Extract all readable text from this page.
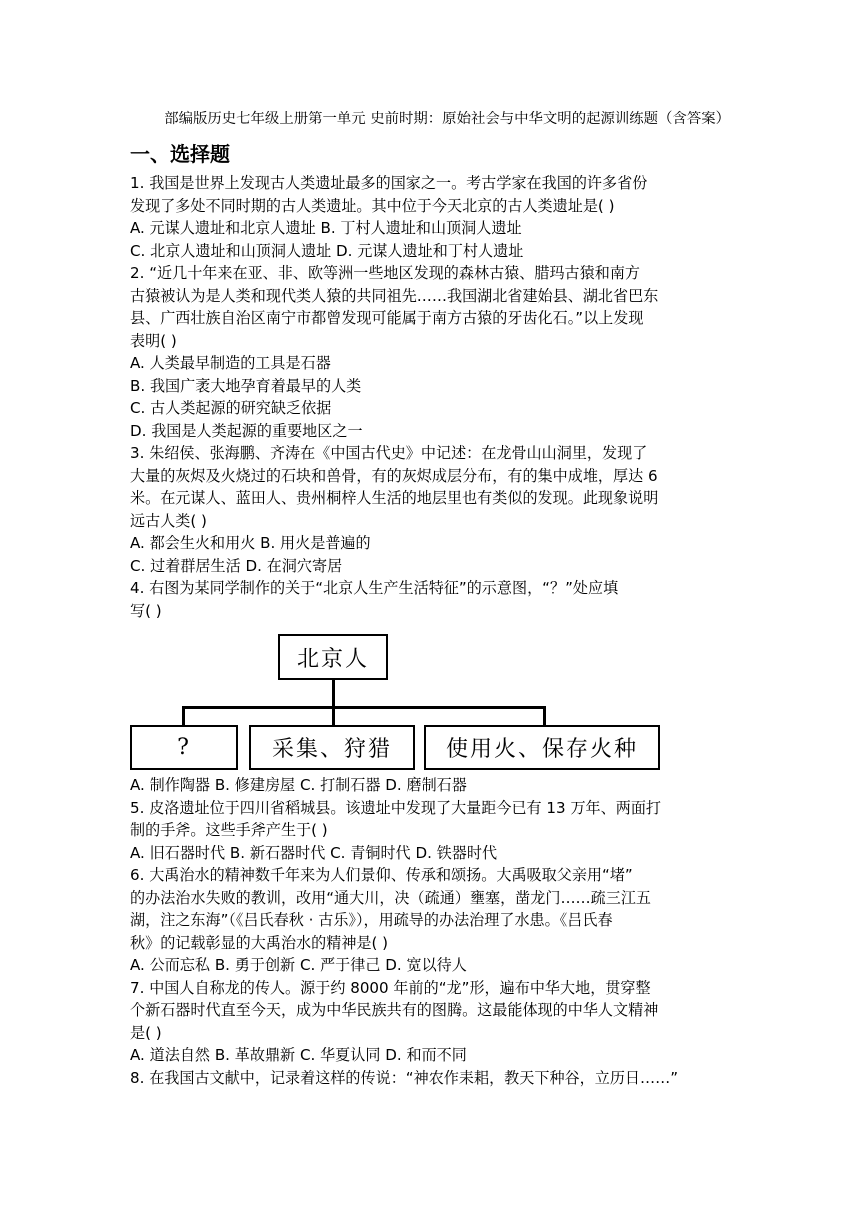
部编版历史七年级上册第一单元 史前时期：原始社会与中华文明的起源训练题（含答案）
一、选择题

1. 我国是世界上发现古人类遗址最多的国家之一。考古学家在我国的许多省份

发现了多处不同时期的古人类遗址。其中位于今天北京的古人类遗址是( )

A. 元谋人遗址和北京人遗址 B. 丁村人遗址和山顶洞人遗址

C. 北京人遗址和山顶洞人遗址 D. 元谋人遗址和丁村人遗址

2. “近几十年来在亚、非、欧等洲一些地区发现的森林古猿、腊玛古猿和南方

古猿被认为是人类和现代类人猿的共同祖先……我国湖北省建始县、湖北省巴东

县、广西壮族自治区南宁市都曾发现可能属于南方古猿的牙齿化石。”以上发现

表明( )

A. 人类最早制造的工具是石器

B. 我国广袤大地孕育着最早的人类

C. 古人类起源的研究缺乏依据

D. 我国是人类起源的重要地区之一

3. 朱绍侯、张海鹏、齐涛在《中国古代史》中记述：在龙骨山山洞里，发现了

大量的灰烬及火烧过的石块和兽骨，有的灰烬成层分布，有的集中成堆，厚达 6

米。在元谋人、蓝田人、贵州桐梓人生活的地层里也有类似的发现。此现象说明

远古人类( )

A. 都会生火和用火 B. 用火是普遍的

C. 过着群居生活 D. 在洞穴寄居

4. 右图为某同学制作的关于“北京人生产生活特征”的示意图，“？”处应填

写( )

北京人
?	采集、狩猎	使用火、保存火种

A. 制作陶器 B. 修建房屋 C. 打制石器 D. 磨制石器

5. 皮洛遗址位于四川省稻城县。该遗址中发现了大量距今已有 13 万年、两面打

制的手斧。这些手斧产生于( )

A. 旧石器时代 B. 新石器时代 C. 青铜时代 D. 铁器时代

6. 大禹治水的精神数千年来为人们景仰、传承和颂扬。大禹吸取父亲用“堵”

的办法治水失败的教训，改用“通大川，决（疏通）壅塞，凿龙门……疏三江五

湖，注之东海”（《吕氏春秋 · 古乐》），用疏导的办法治理了水患。《吕氏春

秋》的记载彰显的大禹治水的精神是( )

A. 公而忘私 B. 勇于创新 C. 严于律己 D. 宽以待人

7. 中国人自称龙的传人。源于约 8000 年前的“龙”形，遍布中华大地，贯穿整

个新石器时代直至今天，成为中华民族共有的图腾。这最能体现的中华人文精神

是( )

A. 道法自然 B. 革故鼎新 C. 华夏认同 D. 和而不同

8. 在我国古文献中，记录着这样的传说：“神农作耒耜，教天下种谷，立历日……”
